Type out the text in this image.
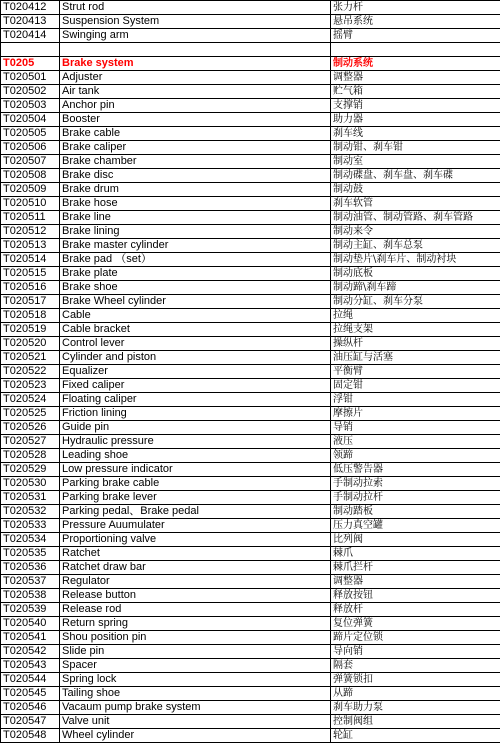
T020412	Strut rod	张力杆
T020413	Suspension System	悬吊系统
T020414	Swinging arm	摇臂

T0205	Brake system	制动系统
T020501	Adjuster	调整器
T020502	Air tank	贮气箱
T020503	Anchor pin	支撑销
T020504	Booster	助力器
T020505	Brake cable	刹车线
T020506	Brake caliper	制动钳、刹车钳
T020507	Brake chamber	制动室
T020508	Brake disc	制动碟盘、刹车盘、刹车碟
T020509	Brake drum	制动鼓
T020510	Brake hose	刹车软管
T020511	Brake line	制动油管、制动管路、刹车管路
T020512	Brake lining	制动来令
T020513	Brake master cylinder	制动主缸、刹车总泵
T020514	Brake pad （set）	制动垫片\刹车片、制动衬块
T020515	Brake plate	制动底板
T020516	Brake shoe	制动蹄\刹车蹄
T020517	Brake Wheel cylinder	制动分缸、刹车分泵
T020518	Cable	拉绳
T020519	Cable bracket	拉绳支架
T020520	Control lever	操纵杆
T020521	Cylinder and piston	油压缸与活塞
T020522	Equalizer	平衡臂
T020523	Fixed caliper	固定钳
T020524	Floating caliper	浮钳
T020525	Friction lining	摩擦片
T020526	Guide pin	导销
T020527	Hydraulic pressure	液压
T020528	Leading shoe	领蹄
T020529	Low pressure indicator	低压警告器
T020530	Parking brake cable	手制动拉索
T020531	Parking brake lever	手制动拉杆
T020532	Parking pedal、Brake pedal	制动踏板
T020533	Pressure Auumulater	压力真空罐
T020534	Proportioning valve	比列阀
T020535	Ratchet	棘爪
T020536	Ratchet draw bar	棘爪拦杆
T020537	Regulator	调整器
T020538	Release button	释放按钮
T020539	Release rod	释放杆
T020540	Return spring	复位弹簧
T020541	Shou position pin	蹄片定位锁
T020542	Slide pin	导向销
T020543	Spacer	隔套
T020544	Spring lock	弹簧锁扣
T020545	Tailing shoe	从蹄
T020546	Vacaum pump brake system	刹车助力泵
T020547	Valve unit	控制阀组
T020548	Wheel cylinder	轮缸
